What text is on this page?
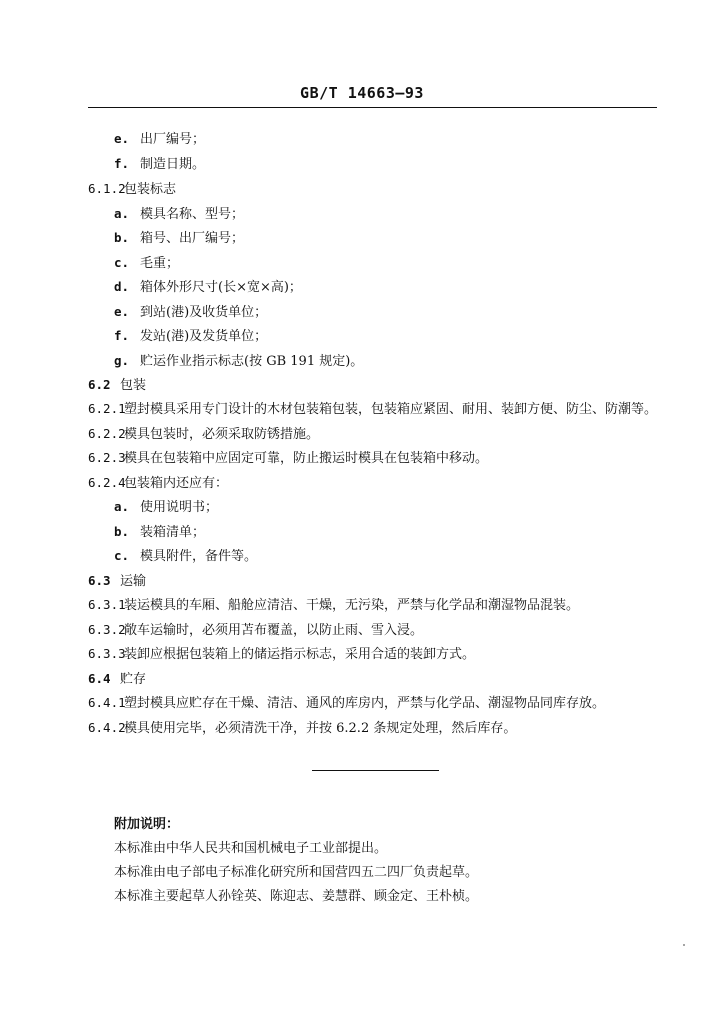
GB/T 14663—93
e. 出厂编号；
f. 制造日期。
6.1.2包装标志
a. 模具名称、型号；
b. 箱号、出厂编号；
c. 毛重；
d. 箱体外形尺寸(长×宽×高)；
e. 到站(港)及收货单位；
f. 发站(港)及发货单位；
g. 贮运作业指示标志(按 GB 191 规定)。
6.2 包装
6.2.1塑封模具采用专门设计的木材包装箱包装，包装箱应紧固、耐用、装卸方便、防尘、防潮等。
6.2.2模具包装时，必须采取防锈措施。
6.2.3模具在包装箱中应固定可靠，防止搬运时模具在包装箱中移动。
6.2.4包装箱内还应有：
a. 使用说明书；
b. 装箱清单；
c. 模具附件，备件等。
6.3 运输
6.3.1装运模具的车厢、船舱应清洁、干燥，无污染，严禁与化学品和潮湿物品混装。
6.3.2敞车运输时，必须用苫布覆盖，以防止雨、雪入浸。
6.3.3装卸应根据包装箱上的储运指示标志，采用合适的装卸方式。
6.4 贮存
6.4.1塑封模具应贮存在干燥、清洁、通风的库房内，严禁与化学品、潮湿物品同库存放。
6.4.2模具使用完毕，必须清洗干净，并按 6.2.2 条规定处理，然后库存。
附加说明：
本标准由中华人民共和国机械电子工业部提出。
本标准由电子部电子标准化研究所和国营四五二四厂负责起草。
本标准主要起草人孙铨英、陈迎志、姜慧群、顾金定、王朴桢。
